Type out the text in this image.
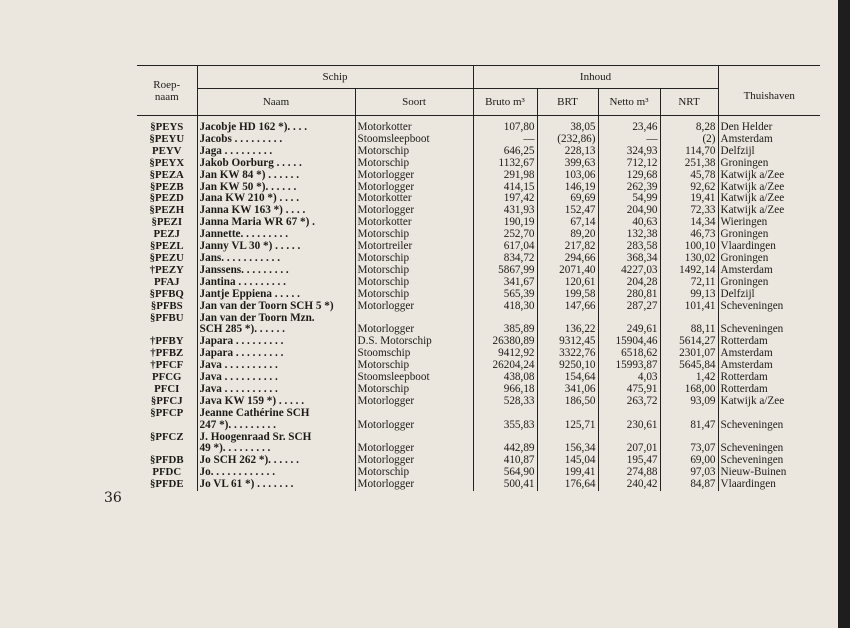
36
Roep-naam	Schip		Inhoud				Thuishaven
	Naam	Soort	Bruto m³	BRT	Netto m³	NRT	
§PEYS	Jacobje HD 162 *). . . .	Motorkotter	107,80	38,05	23,46	8,28	Den Helder
§PEYU	Jacobs . . . . . . . . .	Stoomsleepboot	—	(232,86)	—	(2)	Amsterdam
PEYV	Jaga . . . . . . . . .	Motorschip	646,25	228,13	324,93	114,70	Delfzijl
§PEYX	Jakob Oorburg . . . . .	Motorschip	1132,67	399,63	712,12	251,38	Groningen
§PEZA	Jan KW 84 *) . . . . . .	Motorlogger	291,98	103,06	129,68	45,78	Katwijk a/Zee
§PEZB	Jan KW 50 *). . . . . .	Motorlogger	414,15	146,19	262,39	92,62	Katwijk a/Zee
§PEZD	Jana KW 210 *) . . . .	Motorkotter	197,42	69,69	54,99	19,41	Katwijk a/Zee
§PEZH	Janna KW 163 *) . . . .	Motorlogger	431,93	152,47	204,90	72,33	Katwijk a/Zee
§PEZI	Janna Maria WR 67 *) .	Motorkotter	190,19	67,14	40,63	14,34	Wieringen
PEZJ	Jannette. . . . . . . . .	Motorschip	252,70	89,20	132,38	46,73	Groningen
§PEZL	Janny VL 30 *) . . . . .	Motortreiler	617,04	217,82	283,58	100,10	Vlaardingen
§PEZU	Jans. . . . . . . . . . .	Motorschip	834,72	294,66	368,34	130,02	Groningen
†PEZY	Janssens. . . . . . . . .	Motorschip	5867,99	2071,40	4227,03	1492,14	Amsterdam
PFAJ	Jantina . . . . . . . . .	Motorschip	341,67	120,61	204,28	72,11	Groningen
§PFBQ	Jantje Eppiena . . . . .	Motorschip	565,39	199,58	280,81	99,13	Delfzijl
§PFBS	Jan van der Toorn SCH 5 *)	Motorlogger	418,30	147,66	287,27	101,41	Scheveningen
§PFBU	Jan van der Toorn Mzn.						
	SCH 285 *). . . . . .	Motorlogger	385,89	136,22	249,61	88,11	Scheveningen
†PFBY	Japara . . . . . . . . .	D.S. Motorschip	26380,89	9312,45	15904,46	5614,27	Rotterdam
†PFBZ	Japara . . . . . . . . .	Stoomschip	9412,92	3322,76	6518,62	2301,07	Amsterdam
†PFCF	Java . . . . . . . . . .	Motorschip	26204,24	9250,10	15993,87	5645,84	Amsterdam
PFCG	Java . . . . . . . . . .	Stoomsleepboot	438,08	154,64	4,03	1,42	Rotterdam
PFCI	Java . . . . . . . . . .	Motorschip	966,18	341,06	475,91	168,00	Rotterdam
§PFCJ	Java KW 159 *) . . . . .	Motorlogger	528,33	186,50	263,72	93,09	Katwijk a/Zee
§PFCP	Jeanne Cathérine SCH						
	247 *). . . . . . . . .	Motorlogger	355,83	125,71	230,61	81,47	Scheveningen
§PFCZ	J. Hoogenraad Sr. SCH						
	49 *). . . . . . . . .	Motorlogger	442,89	156,34	207,01	73,07	Scheveningen
§PFDB	Jo SCH 262 *). . . . . .	Motorlogger	410,87	145,04	195,47	69,00	Scheveningen
PFDC	Jo. . . . . . . . . . . .	Motorschip	564,90	199,41	274,88	97,03	Nieuw-Buinen
§PFDE	Jo VL 61 *) . . . . . . .	Motorlogger	500,41	176,64	240,42	84,87	Vlaardingen
